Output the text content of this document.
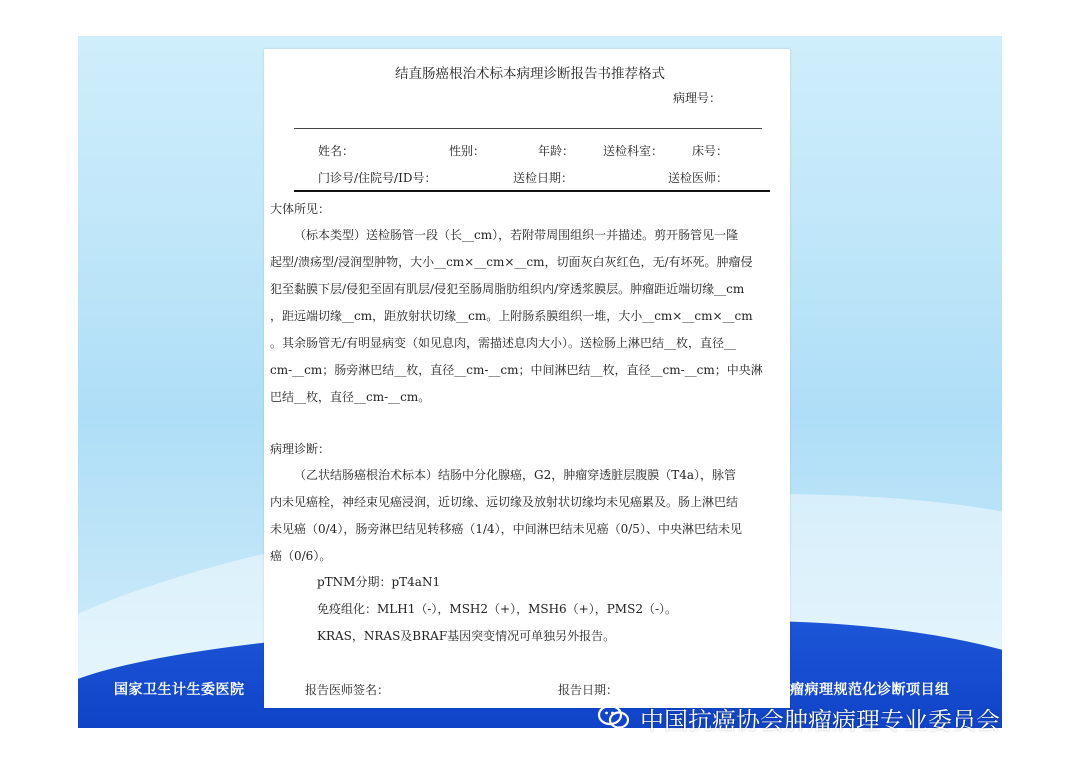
国家卫生计生委医院	瘤病理规范化诊断项目组
结直肠癌根治术标本病理诊断报告书推荐格式
病理号：
姓名：	性别：	年龄： 送检科室： 床号：
门诊号/住院号/ID号：	送检日期：	送检医师：
大体所见：
（标本类型）送检肠管一段（长__cm），若附带周围组织一并描述。剪开肠管见一隆
起型/溃疡型/浸润型肿物，大小__cm×__cm×__cm，切面灰白灰红色，无/有坏死。肿瘤侵
犯至黏膜下层/侵犯至固有肌层/侵犯至肠周脂肪组织内/穿透浆膜层。肿瘤距近端切缘__cm
，距远端切缘__cm，距放射状切缘__cm。上附肠系膜组织一堆，大小__cm×__cm×__cm
。其余肠管无/有明显病变（如见息肉，需描述息肉大小）。送检肠上淋巴结__枚，直径__
cm-__cm；肠旁淋巴结__枚，直径__cm-__cm；中间淋巴结__枚，直径__cm-__cm；中央淋
巴结__枚，直径__cm-__cm。
病理诊断：
（乙状结肠癌根治术标本）结肠中分化腺癌，G2，肿瘤穿透脏层腹膜（T4a），脉管
内未见癌栓，神经束见癌浸润，近切缘、远切缘及放射状切缘均未见癌累及。肠上淋巴结
未见癌（0/4），肠旁淋巴结见转移癌（1/4），中间淋巴结未见癌（0/5）、中央淋巴结未见
癌（0/6）。
pTNM分期：pT4aN1
免疫组化：MLH1（-），MSH2（+），MSH6（+），PMS2（-）。
KRAS，NRAS及BRAF基因突变情况可单独另外报告。
报告医师签名：	报告日期：
中国抗癌协会肿瘤病理专业委员会
